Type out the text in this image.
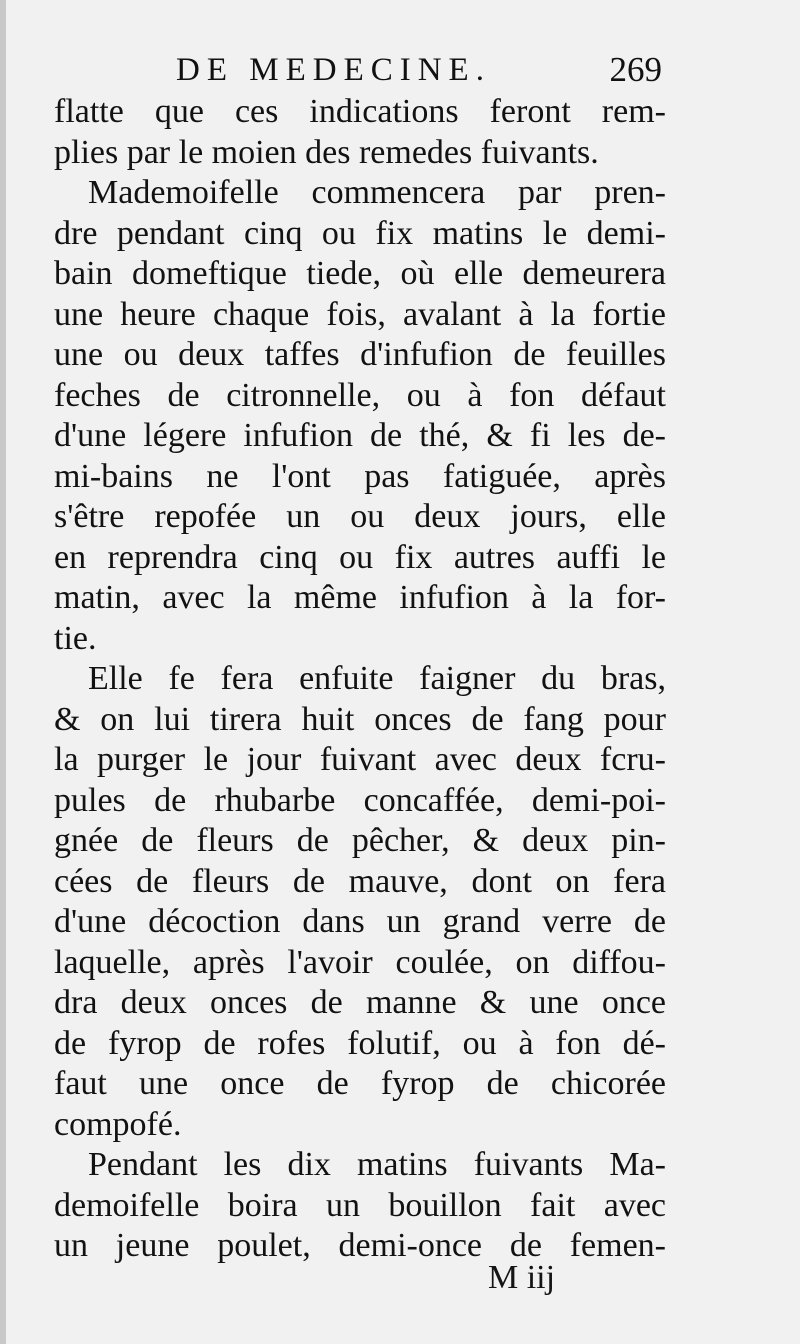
DE MEDECINE.	269
flatte que ces indications feront rem-
plies par le moien des remedes fuivants.
Mademoifelle commencera par pren-
dre pendant cinq ou fix matins le demi-
bain domeftique tiede, où elle demeurera
une heure chaque fois, avalant à la fortie
une ou deux taffes d'infufion de feuilles
feches de citronnelle, ou à fon défaut
d'une légere infufion de thé, & fi les de-
mi-bains ne l'ont pas fatiguée, après
s'être repofée un ou deux jours, elle
en reprendra cinq ou fix autres auffi le
matin, avec la même infufion à la for-
tie.
Elle fe fera enfuite faigner du bras,
& on lui tirera huit onces de fang pour
la purger le jour fuivant avec deux fcru-
pules de rhubarbe concaffée, demi-poi-
gnée de fleurs de pêcher, & deux pin-
cées de fleurs de mauve, dont on fera
d'une décoction dans un grand verre de
laquelle, après l'avoir coulée, on diffou-
dra deux onces de manne & une once
de fyrop de rofes folutif, ou à fon dé-
faut une once de fyrop de chicorée
compofé.
Pendant les dix matins fuivants Ma-
demoifelle boira un bouillon fait avec
un jeune poulet, demi-once de femen-
M iij
